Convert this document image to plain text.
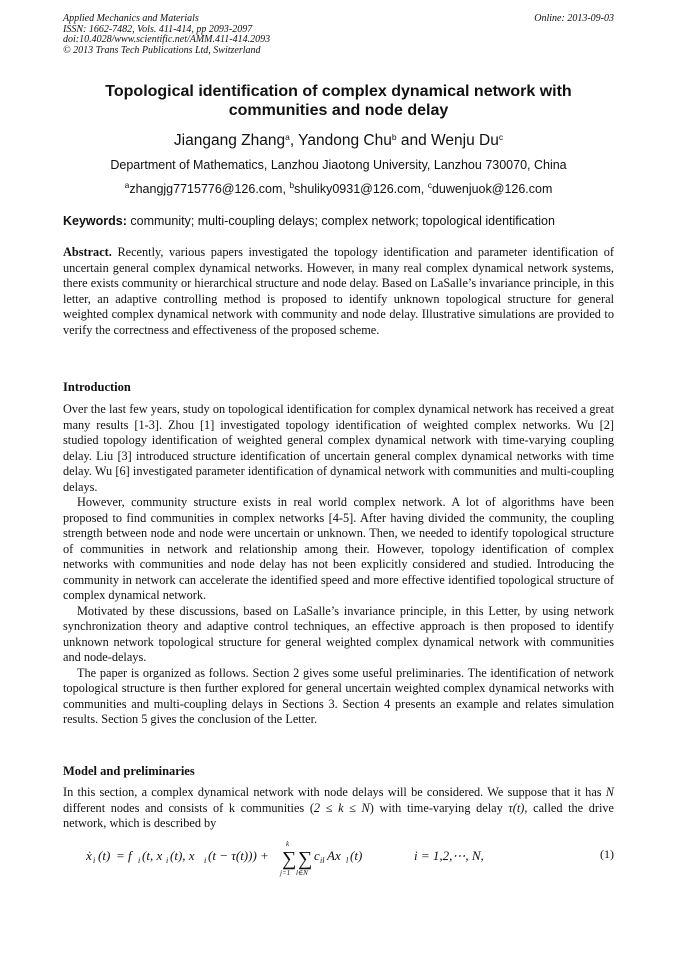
Applied Mechanics and Materials
ISSN: 1662-7482, Vols. 411-414, pp 2093-2097
doi:10.4028/www.scientific.net/AMM.411-414.2093
© 2013 Trans Tech Publications Ltd, Switzerland
Online: 2013-09-03
Topological identification of complex dynamical network with communities and node delay
Jiangang Zhang$^a$, Yandong Chu$^b$ and Wenju Du$^c$
Department of Mathematics, Lanzhou Jiaotong University, Lanzhou 730070, China
$^a$zhangjg7715776@126.com, $^b$shuliky0931@126.com, $^c$duwenjuok@126.com
Keywords: community; multi-coupling delays; complex network; topological identification
Abstract. Recently, various papers investigated the topology identification and parameter identification of uncertain general complex dynamical networks. However, in many real complex dynamical network systems, there exists community or hierarchical structure and node delay. Based on LaSalle’s invariance principle, in this letter, an adaptive controlling method is proposed to identify unknown topological structure for general weighted complex dynamical network with community and node delay. Illustrative simulations are provided to verify the correctness and effectiveness of the proposed scheme.
Introduction

Over the last few years, study on topological identification for complex dynamical network has received a great many results [1-3]. Zhou [1] investigated topology identification of weighted complex networks. Wu [2] studied topology identification of weighted general complex dynamical network with time-varying coupling delay. Liu [3] introduced structure identification of uncertain general complex dynamical networks with time delay. Wu [6] investigated parameter identification of dynamical network with communities and multi-coupling delays.

However, community structure exists in real world complex network. A lot of algorithms have been proposed to find communities in complex networks [4-5]. After having divided the community, the coupling strength between node and node were uncertain or unknown. Then, we needed to identify topological structure of communities in network and relationship among their. However, topology identification of complex networks with communities and node delay has not been explicitly considered and studied. Introducing the community in network can accelerate the identified speed and more effective identified topological structure of complex dynamical network.

Motivated by these discussions, based on LaSalle’s invariance principle, in this Letter, by using network synchronization theory and adaptive control techniques, an effective approach is then proposed to identify unknown network topological structure for general weighted complex dynamical network with communities and node-delays.

The paper is organized as follows. Section 2 gives some useful preliminaries. The identification of network topological structure is then further explored for general uncertain weighted complex dynamical networks with communities and multi-coupling delays in Sections 3. Section 4 presents an example and relates simulation results. Section 5 gives the conclusion of the Letter.

Model and preliminaries
In this section, a complex dynamical network with node delays will be considered. We suppose that it has N different nodes and consists of k communities (2 ≤ k ≤ N) with time-varying delay τ(t), called the drive network, which is described by
ẋ i (t) = f i (t, x i (t), x i (t − τ(t))) + ∑
k
j=1
∑
l∈N
c il Ax l (t)	i = 1,2,⋯, N,	(1)
